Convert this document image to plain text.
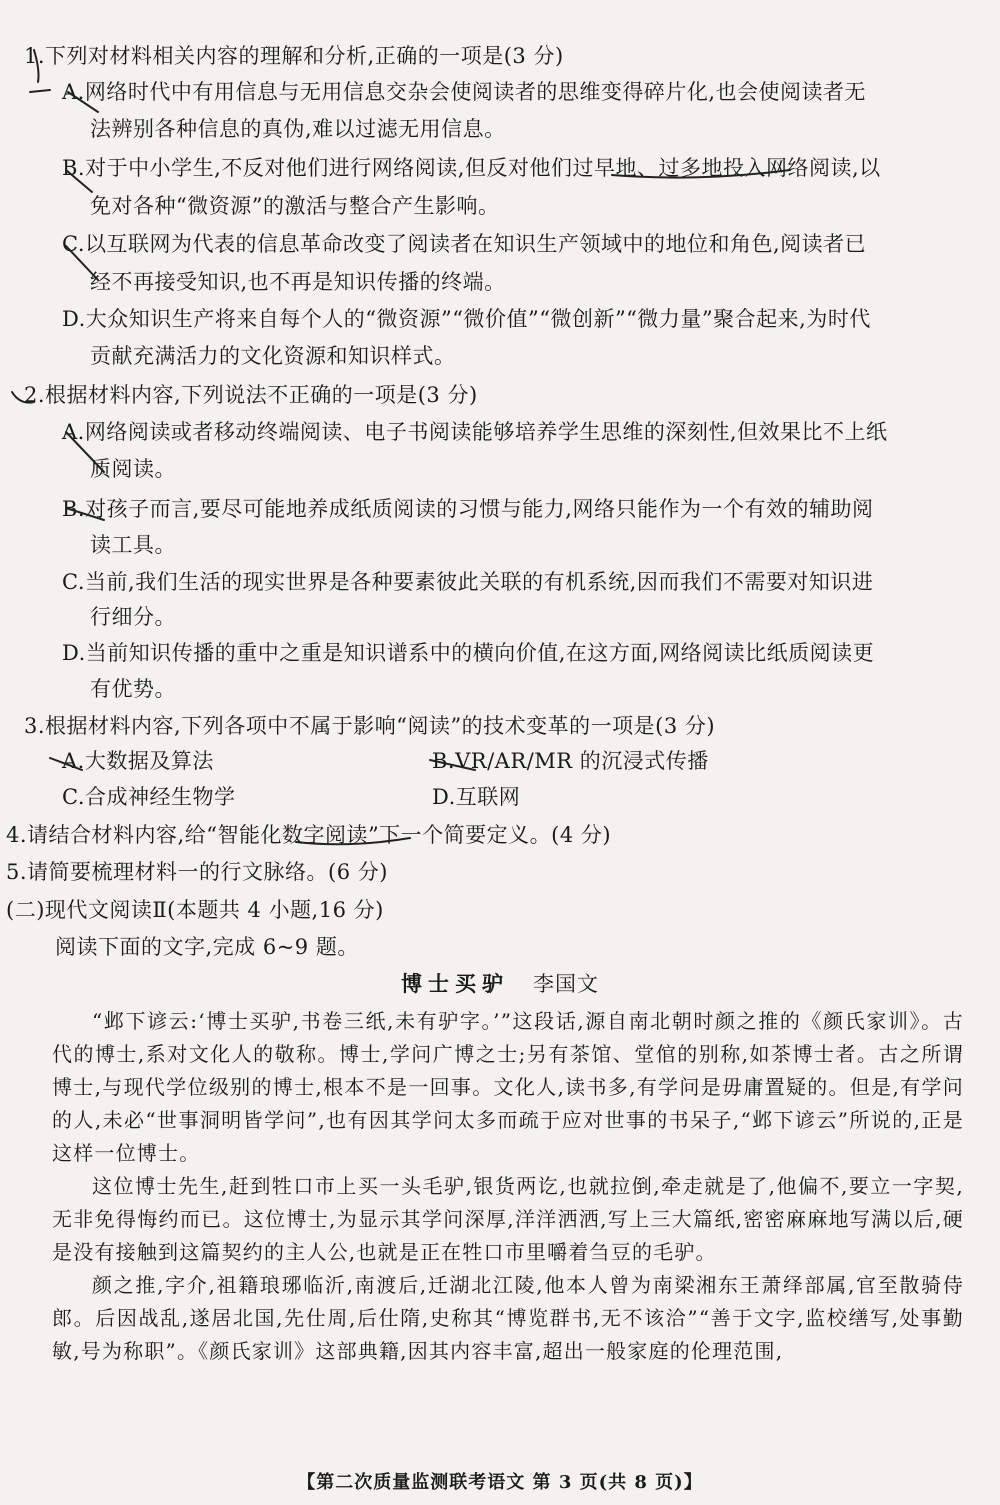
1.下列对材料相关内容的理解和分析,正确的一项是(3 分)
A.网络时代中有用信息与无用信息交杂会使阅读者的思维变得碎片化,也会使阅读者无
法辨别各种信息的真伪,难以过滤无用信息。
B.对于中小学生,不反对他们进行网络阅读,但反对他们过早地、过多地投入网络阅读,以
免对各种“微资源”的激活与整合产生影响。
C.以互联网为代表的信息革命改变了阅读者在知识生产领域中的地位和角色,阅读者已
经不再接受知识,也不再是知识传播的终端。
D.大众知识生产将来自每个人的“微资源”“微价值”“微创新”“微力量”聚合起来,为时代
贡献充满活力的文化资源和知识样式。
2.根据材料内容,下列说法不正确的一项是(3 分)
A.网络阅读或者移动终端阅读、电子书阅读能够培养学生思维的深刻性,但效果比不上纸
质阅读。
B.对孩子而言,要尽可能地养成纸质阅读的习惯与能力,网络只能作为一个有效的辅助阅
读工具。
C.当前,我们生活的现实世界是各种要素彼此关联的有机系统,因而我们不需要对知识进
行细分。
D.当前知识传播的重中之重是知识谱系中的横向价值,在这方面,网络阅读比纸质阅读更
有优势。
3.根据材料内容,下列各项中不属于影响“阅读”的技术变革的一项是(3 分)
A.大数据及算法	B.VR/AR/MR 的沉浸式传播
C.合成神经生物学	D.互联网
4.请结合材料内容,给“智能化数字阅读”下一个简要定义。(4 分)
5.请简要梳理材料一的行文脉络。(6 分)
(二)现代文阅读Ⅱ(本题共 4 小题,16 分)
阅读下面的文字,完成 6~9 题。
博士买驴 李国文

“邺下谚云:‘博士买驴,书卷三纸,未有驴字。’”这段话,源自南北朝时颜之推的《颜氏家训》。古代的博士,系对文化人的敬称。博士,学问广博之士;另有茶馆、堂倌的别称,如茶博士者。古之所谓博士,与现代学位级别的博士,根本不是一回事。文化人,读书多,有学问是毋庸置疑的。但是,有学问的人,未必“世事洞明皆学问”,也有因其学问太多而疏于应对世事的书呆子,“邺下谚云”所说的,正是这样一位博士。

这位博士先生,赶到牲口市上买一头毛驴,银货两讫,也就拉倒,牵走就是了,他偏不,要立一字契,无非免得悔约而已。这位博士,为显示其学问深厚,洋洋洒洒,写上三大篇纸,密密麻麻地写满以后,硬是没有接触到这篇契约的主人公,也就是正在牲口市里嚼着刍豆的毛驴。

颜之推,字介,祖籍琅琊临沂,南渡后,迁湖北江陵,他本人曾为南梁湘东王萧绎部属,官至散骑侍郎。后因战乱,遂居北国,先仕周,后仕隋,史称其“博览群书,无不该洽”“善于文字,监校缮写,处事勤敏,号为称职”。《颜氏家训》这部典籍,因其内容丰富,超出一般家庭的伦理范围,

【第二次质量监测联考语文 第 3 页(共 8 页)】
